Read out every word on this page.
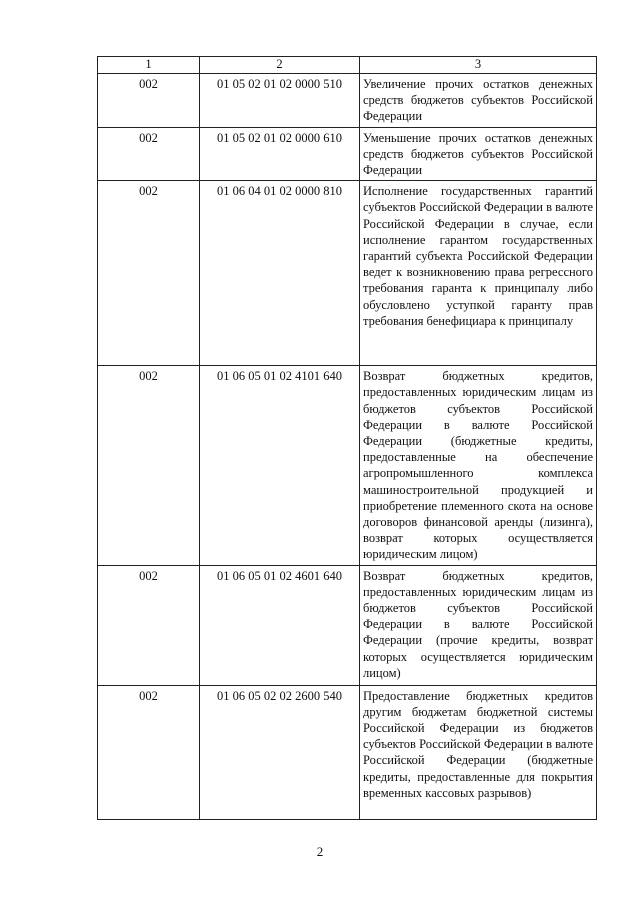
1	2	3
002	01 05 02 01 02 0000 510	Увеличение прочих остатков денежных средств бюджетов субъектов Российской Федерации
002	01 05 02 01 02 0000 610	Уменьшение прочих остатков денежных средств бюджетов субъектов Российской Федерации
002	01 06 04 01 02 0000 810	Исполнение государственных гарантий субъектов Российской Федерации в валюте Российской Федерации в случае, если исполнение гарантом государственных гарантий субъекта Российской Федерации ведет к возникновению права регрессного требования гаранта к принципалу либо обусловлено уступкой гаранту прав требования бенефициара к принципалу
002	01 06 05 01 02 4101 640	Возврат бюджетных кредитов, предоставленных юридическим лицам из бюджетов субъектов Российской Федерации в валюте Российской Федерации (бюджетные кредиты, предоставленные на обеспечение агропромышленного комплекса машиностроительной продукцией и приобретение племенного скота на основе договоров финансовой аренды (лизинга), возврат которых осуществляется юридическим лицом)
002	01 06 05 01 02 4601 640	Возврат бюджетных кредитов, предоставленных юридическим лицам из бюджетов субъектов Российской Федерации в валюте Российской Федерации (прочие кредиты, возврат которых осуществляется юридическим лицом)
002	01 06 05 02 02 2600 540	Предоставление бюджетных кредитов другим бюджетам бюджетной системы Российской Федерации из бюджетов субъектов Российской Федерации в валюте Российской Федерации (бюджетные кредиты, предоставленные для покрытия временных кассовых разрывов)
2
